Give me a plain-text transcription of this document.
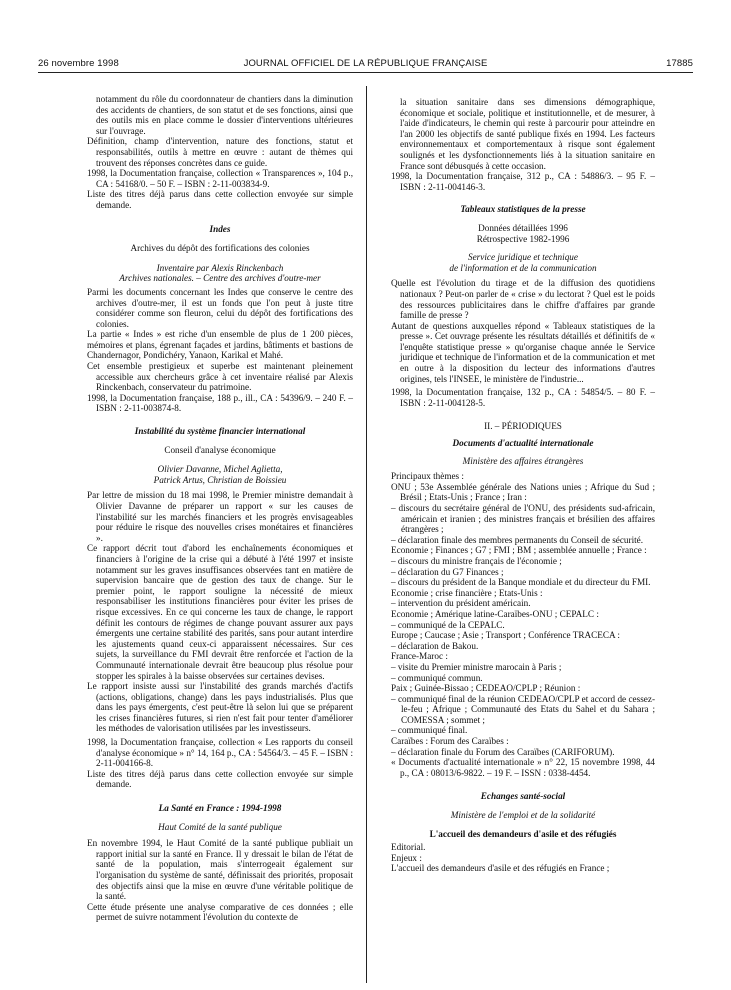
26 novembre 1998	JOURNAL OFFICIEL DE LA RÉPUBLIQUE FRANÇAISE	17885

notamment du rôle du coordonnateur de chantiers dans la diminution des accidents de chantiers, de son statut et de ses fonctions, ainsi que des outils mis en place comme le dossier d'interventions ultérieures sur l'ouvrage.

Définition, champ d'intervention, nature des fonctions, statut et responsabilités, outils à mettre en œuvre : autant de thèmes qui trouvent des réponses concrètes dans ce guide.

1998, la Documentation française, collection « Transparences », 104 p., CA : 54168/0. – 50 F. – ISBN : 2-11-003834-9.

Liste des titres déjà parus dans cette collection envoyée sur simple demande.

Indes

Archives du dépôt des fortifications des colonies

Inventaire par Alexis Rinckenbach

Archives nationales. – Centre des archives d'outre-mer

Parmi les documents concernant les Indes que conserve le centre des archives d'outre-mer, il est un fonds que l'on peut à juste titre considérer comme son fleuron, celui du dépôt des fortifications des colonies.

La partie « Indes » est riche d'un ensemble de plus de 1 200 pièces, mémoires et plans, égrenant façades et jardins, bâtiments et bastions de Chandernagor, Pondichéry, Yanaon, Karikal et Mahé.

Cet ensemble prestigieux et superbe est maintenant pleinement accessible aux chercheurs grâce à cet inventaire réalisé par Alexis Rinckenbach, conservateur du patrimoine.

1998, la Documentation française, 188 p., ill., CA : 54396/9. – 240 F. – ISBN : 2-11-003874-8.

Instabilité du système financier international

Conseil d'analyse économique

Olivier Davanne, Michel Aglietta,

Patrick Artus, Christian de Boissieu

Par lettre de mission du 18 mai 1998, le Premier ministre demandait à Olivier Davanne de préparer un rapport « sur les causes de l'instabilité sur les marchés financiers et les progrès envisageables pour réduire le risque des nouvelles crises monétaires et financières ».

Ce rapport décrit tout d'abord les enchaînements économiques et financiers à l'origine de la crise qui a débuté à l'été 1997 et insiste notamment sur les graves insuffisances observées tant en matière de supervision bancaire que de gestion des taux de change. Sur le premier point, le rapport souligne la nécessité de mieux responsabiliser les institutions financières pour éviter les prises de risque excessives. En ce qui concerne les taux de change, le rapport définit les contours de régimes de change pouvant assurer aux pays émergents une certaine stabilité des parités, sans pour autant interdire les ajustements quand ceux-ci apparaissent nécessaires. Sur ces sujets, la surveillance du FMI devrait être renforcée et l'action de la Communauté internationale devrait être beaucoup plus résolue pour stopper les spirales à la baisse observées sur certaines devises.

Le rapport insiste aussi sur l'instabilité des grands marchés d'actifs (actions, obligations, change) dans les pays industrialisés. Plus que dans les pays émergents, c'est peut-être là selon lui que se préparent les crises financières futures, si rien n'est fait pour tenter d'améliorer les méthodes de valorisation utilisées par les investisseurs.

1998, la Documentation française, collection « Les rapports du conseil d'analyse économique » n° 14, 164 p., CA : 54564/3. – 45 F. – ISBN : 2-11-004166-8.

Liste des titres déjà parus dans cette collection envoyée sur simple demande.

La Santé en France : 1994-1998

Haut Comité de la santé publique

En novembre 1994, le Haut Comité de la santé publique publiait un rapport initial sur la santé en France. Il y dressait le bilan de l'état de santé de la population, mais s'interrogeait également sur l'organisation du système de santé, définissait des priorités, proposait des objectifs ainsi que la mise en œuvre d'une véritable politique de la santé.

Cette étude présente une analyse comparative de ces données ; elle permet de suivre notamment l'évolution du contexte de

la situation sanitaire dans ses dimensions démographique, économique et sociale, politique et institutionnelle, et de mesurer, à l'aide d'indicateurs, le chemin qui reste à parcourir pour atteindre en l'an 2000 les objectifs de santé publique fixés en 1994. Les facteurs environnementaux et comportementaux à risque sont également soulignés et les dysfonctionnements liés à la situation sanitaire en France sont débusqués à cette occasion.

1998, la Documentation française, 312 p., CA : 54886/3. – 95 F. – ISBN : 2-11-004146-3.

Tableaux statistiques de la presse

Données détaillées 1996

Rétrospective 1982-1996

Service juridique et technique

de l'information et de la communication

Quelle est l'évolution du tirage et de la diffusion des quotidiens nationaux ? Peut-on parler de « crise » du lectorat ? Quel est le poids des ressources publicitaires dans le chiffre d'affaires par grande famille de presse ?

Autant de questions auxquelles répond « Tableaux statistiques de la presse ». Cet ouvrage présente les résultats détaillés et définitifs de « l'enquête statistique presse » qu'organise chaque année le Service juridique et technique de l'information et de la communication et met en outre à la disposition du lecteur des informations d'autres origines, tels l'INSEE, le ministère de l'industrie...

1998, la Documentation française, 132 p., CA : 54854/5. – 80 F. – ISBN : 2-11-004128-5.

II. – PÉRIODIQUES

Documents d'actualité internationale

Ministère des affaires étrangères

Principaux thèmes :

ONU ; 53e Assemblée générale des Nations unies ; Afrique du Sud ; Brésil ; Etats-Unis ; France ; Iran :

– discours du secrétaire général de l'ONU, des présidents sud-africain, américain et iranien ; des ministres français et brésilien des affaires étrangères ;

– déclaration finale des membres permanents du Conseil de sécurité.

Economie ; Finances ; G7 ; FMI ; BM ; assemblée annuelle ; France :

– discours du ministre français de l'économie ;

– déclaration du G7 Finances ;

– discours du président de la Banque mondiale et du directeur du FMI.

Economie ; crise financière ; Etats-Unis :

– intervention du président américain.

Economie ; Amérique latine-Caraïbes-ONU ; CEPALC :

– communiqué de la CEPALC.

Europe ; Caucase ; Asie ; Transport ; Conférence TRACECA :

– déclaration de Bakou.

France-Maroc :

– visite du Premier ministre marocain à Paris ;

– communiqué commun.

Paix ; Guinée-Bissao ; CEDEAO/CPLP ; Réunion :

– communiqué final de la réunion CEDEAO/CPLP et accord de cessez-le-feu ; Afrique ; Communauté des Etats du Sahel et du Sahara ; COMESSA ; sommet ;

– communiqué final.

Caraïbes : Forum des Caraïbes :

– déclaration finale du Forum des Caraïbes (CARIFORUM).

« Documents d'actualité internationale » n° 22, 15 novembre 1998, 44 p., CA : 08013/6-9822. – 19 F. – ISSN : 0338-4454.

Echanges santé-social

Ministère de l'emploi et de la solidarité

L'accueil des demandeurs d'asile et des réfugiés

Editorial.

Enjeux :

L'accueil des demandeurs d'asile et des réfugiés en France ;
